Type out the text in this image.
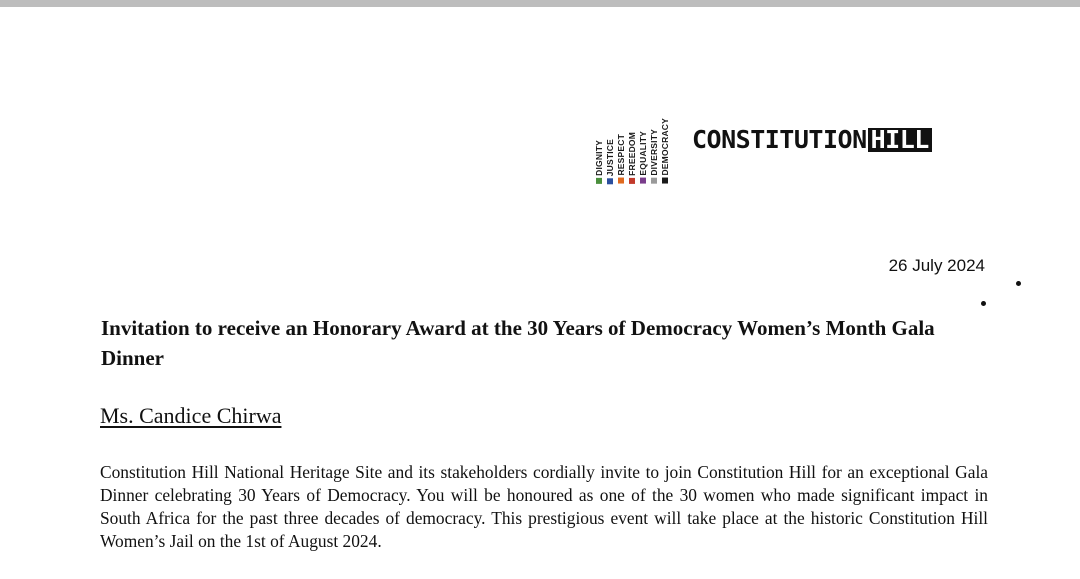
DIGNITY JUSTICE RESPECT FREEDOM EQUALITY DIVERSITY DEMOCRACY CONSTITUTION HILL
26 July 2024
Invitation to receive an Honorary Award at the 30 Years of Democracy Women’s Month Gala Dinner
Ms. Candice Chirwa
Constitution Hill National Heritage Site and its stakeholders cordially invite to join Constitution Hill for an exceptional Gala Dinner celebrating 30 Years of Democracy. You will be honoured as one of the 30 women who made significant impact in South Africa for the past three decades of democracy. This prestigious event will take place at the historic Constitution Hill Women’s Jail on the 1st of August 2024.
